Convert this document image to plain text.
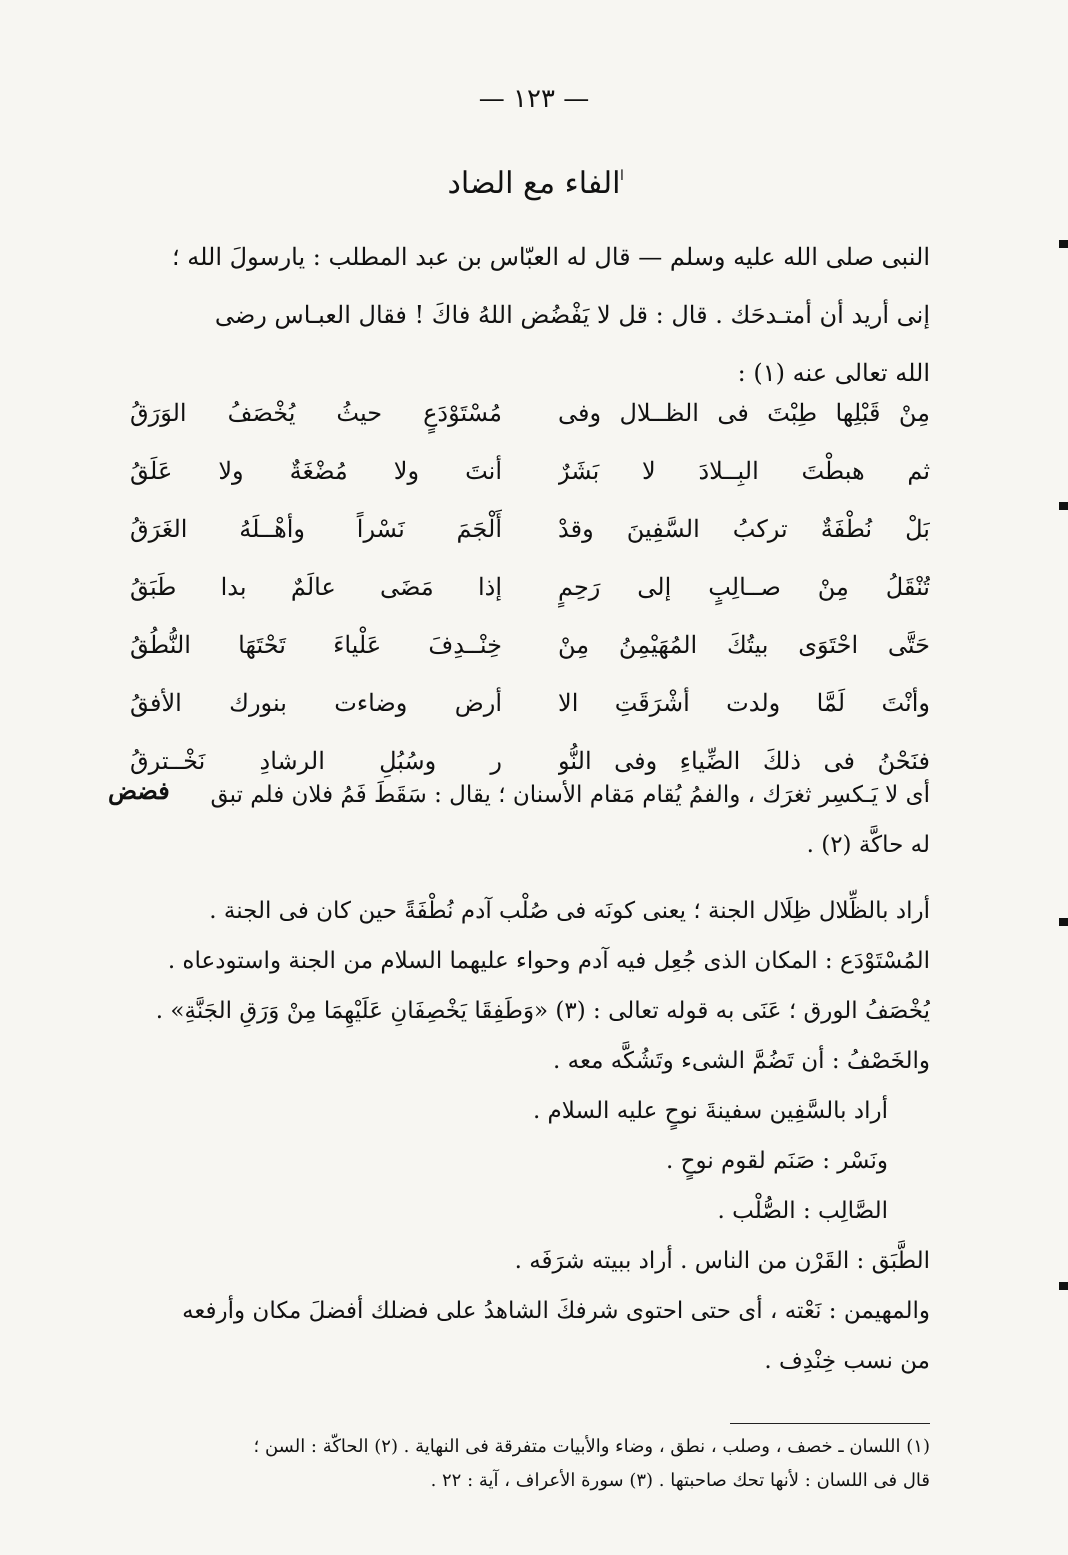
ا
— ١٢٣ —
الفاء مع الضاد
النبى صلى الله عليه وسلم — قال له العبّاس بن عبد المطلب : يارسولَ الله ؛
إنى أريد أن أمتـدحَك . قال : قل لا يَفْضُض اللهُ فاكَ ! فقال العبـاس رضى
الله تعالى عنه (١) :
مِنْ قَبْلِها طِبْتَ فى الظــلال وفى
مُسْتَوْدَعٍ حيثُ يُخْصَفُ الوَرَقُ
ثم هبطْتَ البِــلادَ لا بَشَرٌ
أنتَ ولا مُضْغَةٌ ولا عَلَقُ
بَلْ نُطْفَةٌ تركبُ السَّفِينَ وقدْ
أَلْجَمَ نَسْراً وأهْــلَهُ الغَرَقُ
تُنْقَلُ مِنْ صــالِبٍ إلى رَحِمٍ
إذا مَضَى عالَمٌ بدا طَبَقُ
حَتَّى احْتَوَى بيتُكَ المُهَيْمِنُ مِنْ
خِنْــدِفَ عَلْياءَ تَحْتَهَا النُّطُقُ
وأنْتَ لَمَّا ولدت أشْرَقَتِ الا
أرض وضاءت بنورك الأفقُ
فنَحْنُ فى ذلكَ الضِّياءِ وفى النُّو
ر وسُبُلِ الرشادِ نَخْــترقُ
فضض	أى لا يَـكسِر ثغرَك ، والفمُ يُقام مَقام الأسنان ؛ يقال : سَقَطَ فَمُ فلان فلم تبق
له حاكَّة (٢) .
أراد بالظِّلال ظِلَال الجنة ؛ يعنى كونَه فى صُلْب آدم نُطْفَةً حين كان فى الجنة .
المُسْتَوْدَع : المكان الذى جُعِل فيه آدم وحواء عليهما السلام من الجنة واستودعاه .
يُخْصَفُ الورق ؛ عَنَى به قوله تعالى : (٣) «وَطَفِقَا يَخْصِفَانِ عَلَيْهِمَا مِنْ وَرَقِ الجَنَّةِ» .
والخَصْفُ : أن تَضُمَّ الشىء وتَشُكَّه معه .
أراد بالسَّفِين سفينةَ نوحٍ عليه السلام .
ونَسْر : صَنَم لقوم نوحٍ .
الصَّالِب : الصُّلْب .
الطَّبَق : القَرْن من الناس . أراد ببيته شرَفَه .
والمهيمن : نَعْته ، أى حتى احتوى شرفكَ الشاهدُ على فضلك أفضلَ مكان وأرفعه
من نسب خِنْدِف .
(١) اللسان ـ خصف ، وصلب ، نطق ، وضاء والأبيات متفرقة فى النهاية . (٢) الحاكّة : السن ؛
قال فى اللسان : لأنها تحك صاحبتها . (٣) سورة الأعراف ، آية : ٢٢ .
